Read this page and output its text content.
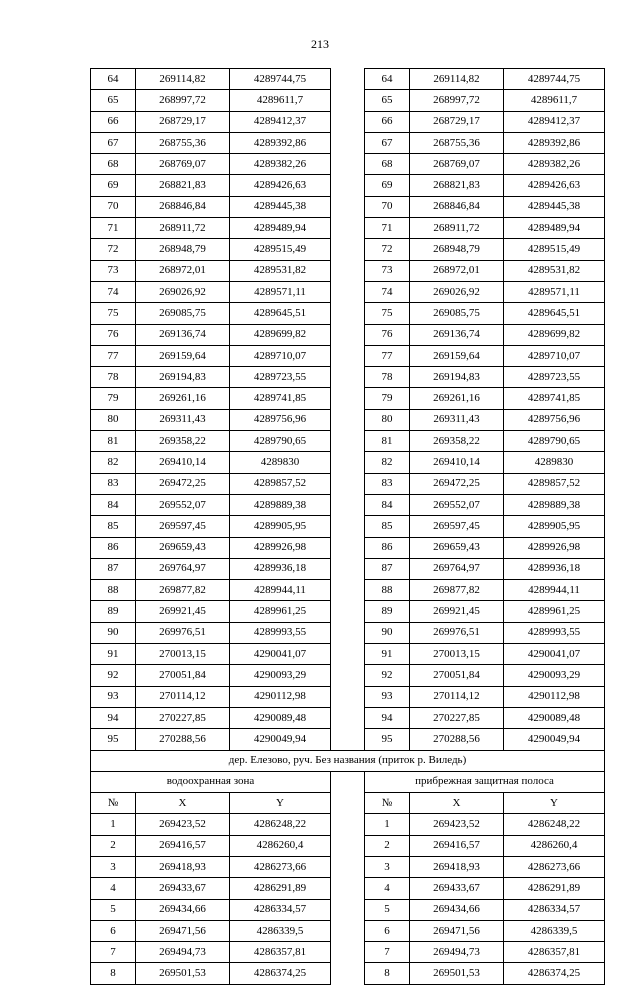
213
64	269114,82	4289744,75		64	269114,82	4289744,75
65	268997,72	4289611,7		65	268997,72	4289611,7
66	268729,17	4289412,37		66	268729,17	4289412,37
67	268755,36	4289392,86		67	268755,36	4289392,86
68	268769,07	4289382,26		68	268769,07	4289382,26
69	268821,83	4289426,63		69	268821,83	4289426,63
70	268846,84	4289445,38		70	268846,84	4289445,38
71	268911,72	4289489,94		71	268911,72	4289489,94
72	268948,79	4289515,49		72	268948,79	4289515,49
73	268972,01	4289531,82		73	268972,01	4289531,82
74	269026,92	4289571,11		74	269026,92	4289571,11
75	269085,75	4289645,51		75	269085,75	4289645,51
76	269136,74	4289699,82		76	269136,74	4289699,82
77	269159,64	4289710,07		77	269159,64	4289710,07
78	269194,83	4289723,55		78	269194,83	4289723,55
79	269261,16	4289741,85		79	269261,16	4289741,85
80	269311,43	4289756,96		80	269311,43	4289756,96
81	269358,22	4289790,65		81	269358,22	4289790,65
82	269410,14	4289830		82	269410,14	4289830
83	269472,25	4289857,52		83	269472,25	4289857,52
84	269552,07	4289889,38		84	269552,07	4289889,38
85	269597,45	4289905,95		85	269597,45	4289905,95
86	269659,43	4289926,98		86	269659,43	4289926,98
87	269764,97	4289936,18		87	269764,97	4289936,18
88	269877,82	4289944,11		88	269877,82	4289944,11
89	269921,45	4289961,25		89	269921,45	4289961,25
90	269976,51	4289993,55		90	269976,51	4289993,55
91	270013,15	4290041,07		91	270013,15	4290041,07
92	270051,84	4290093,29		92	270051,84	4290093,29
93	270114,12	4290112,98		93	270114,12	4290112,98
94	270227,85	4290089,48		94	270227,85	4290089,48
95	270288,56	4290049,94		95	270288,56	4290049,94
дер. Елезово, руч. Без названия (приток р. Виледь)						
водоохранная зона				прибрежная защитная полоса		
№	X	Y		№	X	Y
1	269423,52	4286248,22		1	269423,52	4286248,22
2	269416,57	4286260,4		2	269416,57	4286260,4
3	269418,93	4286273,66		3	269418,93	4286273,66
4	269433,67	4286291,89		4	269433,67	4286291,89
5	269434,66	4286334,57		5	269434,66	4286334,57
6	269471,56	4286339,5		6	269471,56	4286339,5
7	269494,73	4286357,81		7	269494,73	4286357,81
8	269501,53	4286374,25		8	269501,53	4286374,25
